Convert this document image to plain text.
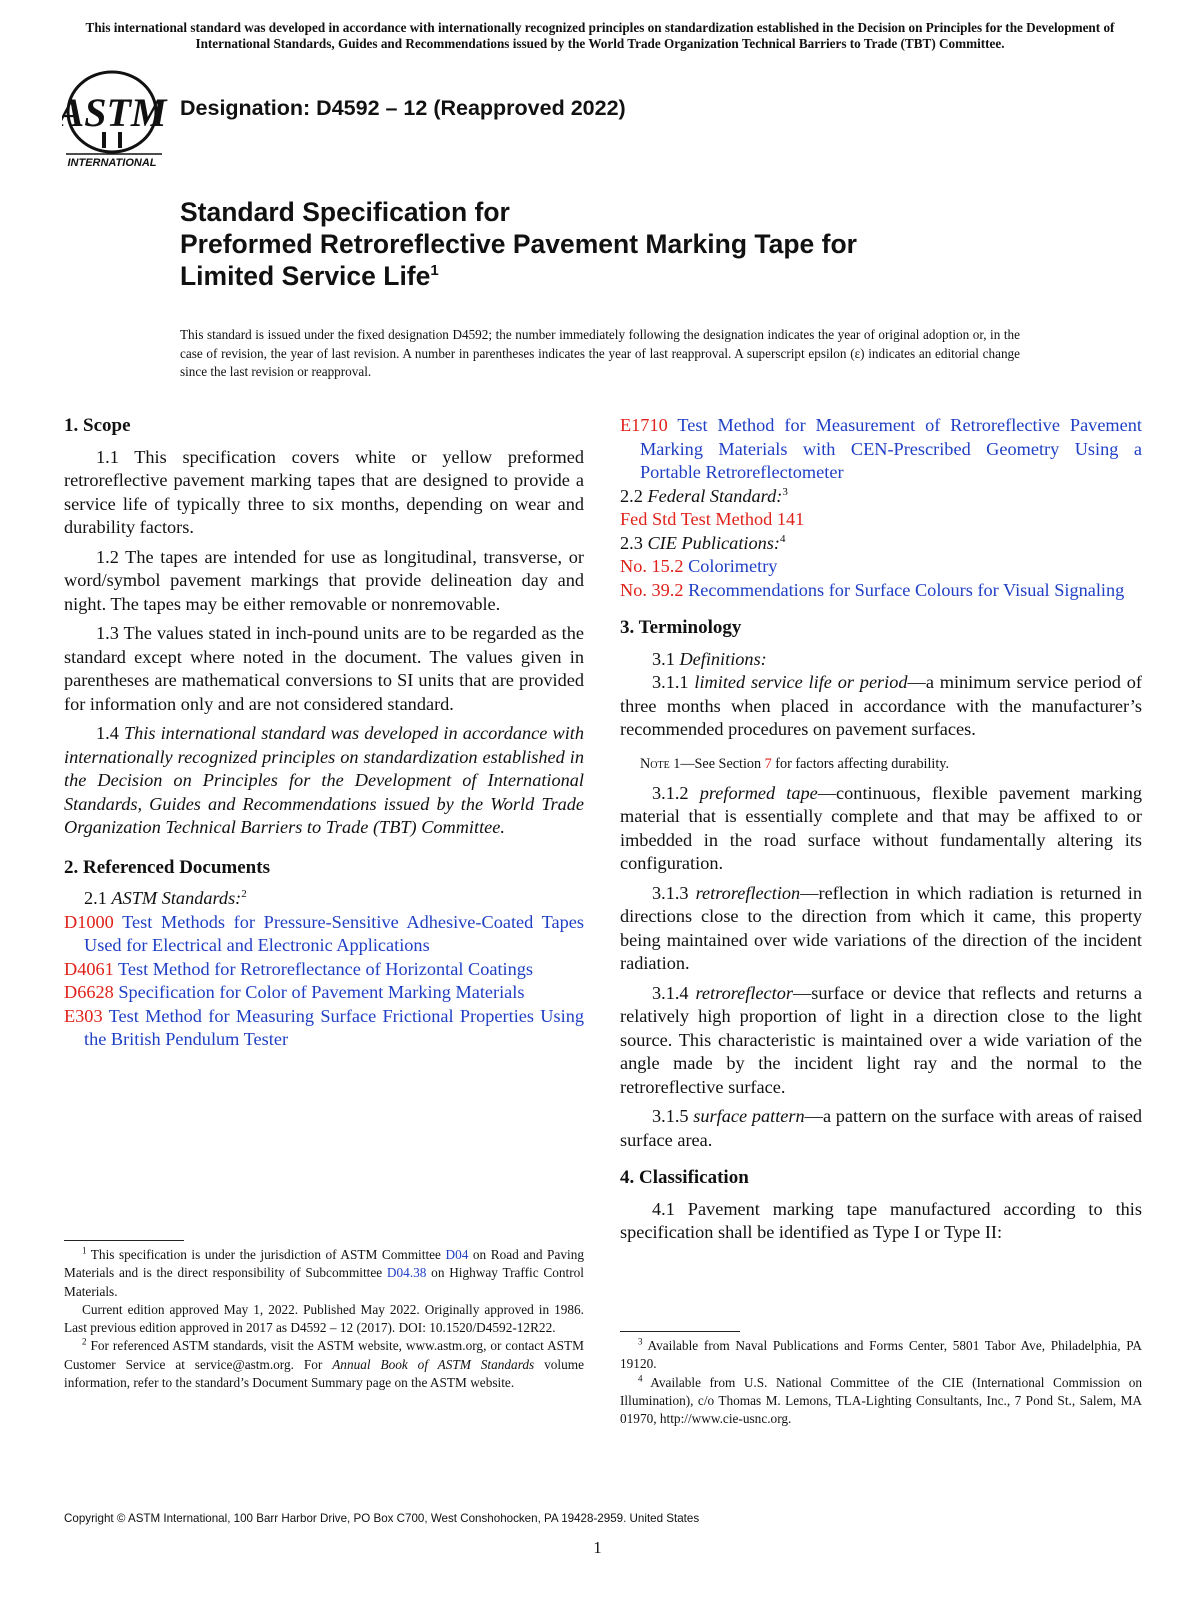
This international standard was developed in accordance with internationally recognized principles on standardization established in the Decision on Principles for the Development of International Standards, Guides and Recommendations issued by the World Trade Organization Technical Barriers to Trade (TBT) Committee.
ASTM
INTERNATIONAL
Designation: D4592 – 12 (Reapproved 2022)
Standard Specification for
Preformed Retroreflective Pavement Marking Tape for
Limited Service Life$^1$
This standard is issued under the fixed designation D4592; the number immediately following the designation indicates the year of original adoption or, in the case of revision, the year of last revision. A number in parentheses indicates the year of last reapproval. A superscript epsilon (ε) indicates an editorial change since the last revision or reapproval.
1. Scope

1.1 This specification covers white or yellow preformed retroreflective pavement marking tapes that are designed to provide a service life of typically three to six months, depending on wear and durability factors.

1.2 The tapes are intended for use as longitudinal, transverse, or word/symbol pavement markings that provide delineation day and night. The tapes may be either removable or nonremovable.

1.3 The values stated in inch-pound units are to be regarded as the standard except where noted in the document. The values given in parentheses are mathematical conversions to SI units that are provided for information only and are not considered standard.

1.4 This international standard was developed in accordance with internationally recognized principles on standardization established in the Decision on Principles for the Development of International Standards, Guides and Recommendations issued by the World Trade Organization Technical Barriers to Trade (TBT) Committee.

2. Referenced Documents

2.1 ASTM Standards:$^2$

D1000 Test Methods for Pressure-Sensitive Adhesive-Coated Tapes Used for Electrical and Electronic Applications

D4061 Test Method for Retroreflectance of Horizontal Coatings

D6628 Specification for Color of Pavement Marking Materials

E303 Test Method for Measuring Surface Frictional Properties Using the British Pendulum Tester

E1710 Test Method for Measurement of Retroreflective Pavement Marking Materials with CEN-Prescribed Geometry Using a Portable Retroreflectometer

2.2 Federal Standard:$^3$

Fed Std Test Method 141

2.3 CIE Publications:$^4$

No. 15.2 Colorimetry

No. 39.2 Recommendations for Surface Colours for Visual Signaling

3. Terminology

3.1 Definitions:

3.1.1 limited service life or period—a minimum service period of three months when placed in accordance with the manufacturer’s recommended procedures on pavement surfaces.

Note 1—See Section 7 for factors affecting durability.

3.1.2 preformed tape—continuous, flexible pavement marking material that is essentially complete and that may be affixed to or imbedded in the road surface without fundamentally altering its configuration.

3.1.3 retroreflection—reflection in which radiation is returned in directions close to the direction from which it came, this property being maintained over wide variations of the direction of the incident radiation.

3.1.4 retroreflector—surface or device that reflects and returns a relatively high proportion of light in a direction close to the light source. This characteristic is maintained over a wide variation of the angle made by the incident light ray and the normal to the retroreflective surface.

3.1.5 surface pattern—a pattern on the surface with areas of raised surface area.

4. Classification

4.1 Pavement marking tape manufactured according to this specification shall be identified as Type I or Type II:

$^1$ This specification is under the jurisdiction of ASTM Committee D04 on Road and Paving Materials and is the direct responsibility of Subcommittee D04.38 on Highway Traffic Control Materials.

Current edition approved May 1, 2022. Published May 2022. Originally approved in 1986. Last previous edition approved in 2017 as D4592 – 12 (2017). DOI: 10.1520/D4592-12R22.

$^2$ For referenced ASTM standards, visit the ASTM website, www.astm.org, or contact ASTM Customer Service at service@astm.org. For Annual Book of ASTM Standards volume information, refer to the standard’s Document Summary page on the ASTM website.

$^3$ Available from Naval Publications and Forms Center, 5801 Tabor Ave, Philadelphia, PA 19120.

$^4$ Available from U.S. National Committee of the CIE (International Commission on Illumination), c/o Thomas M. Lemons, TLA-Lighting Consultants, Inc., 7 Pond St., Salem, MA 01970, http://www.cie-usnc.org.

Copyright © ASTM International, 100 Barr Harbor Drive, PO Box C700, West Conshohocken, PA 19428-2959. United States
1
